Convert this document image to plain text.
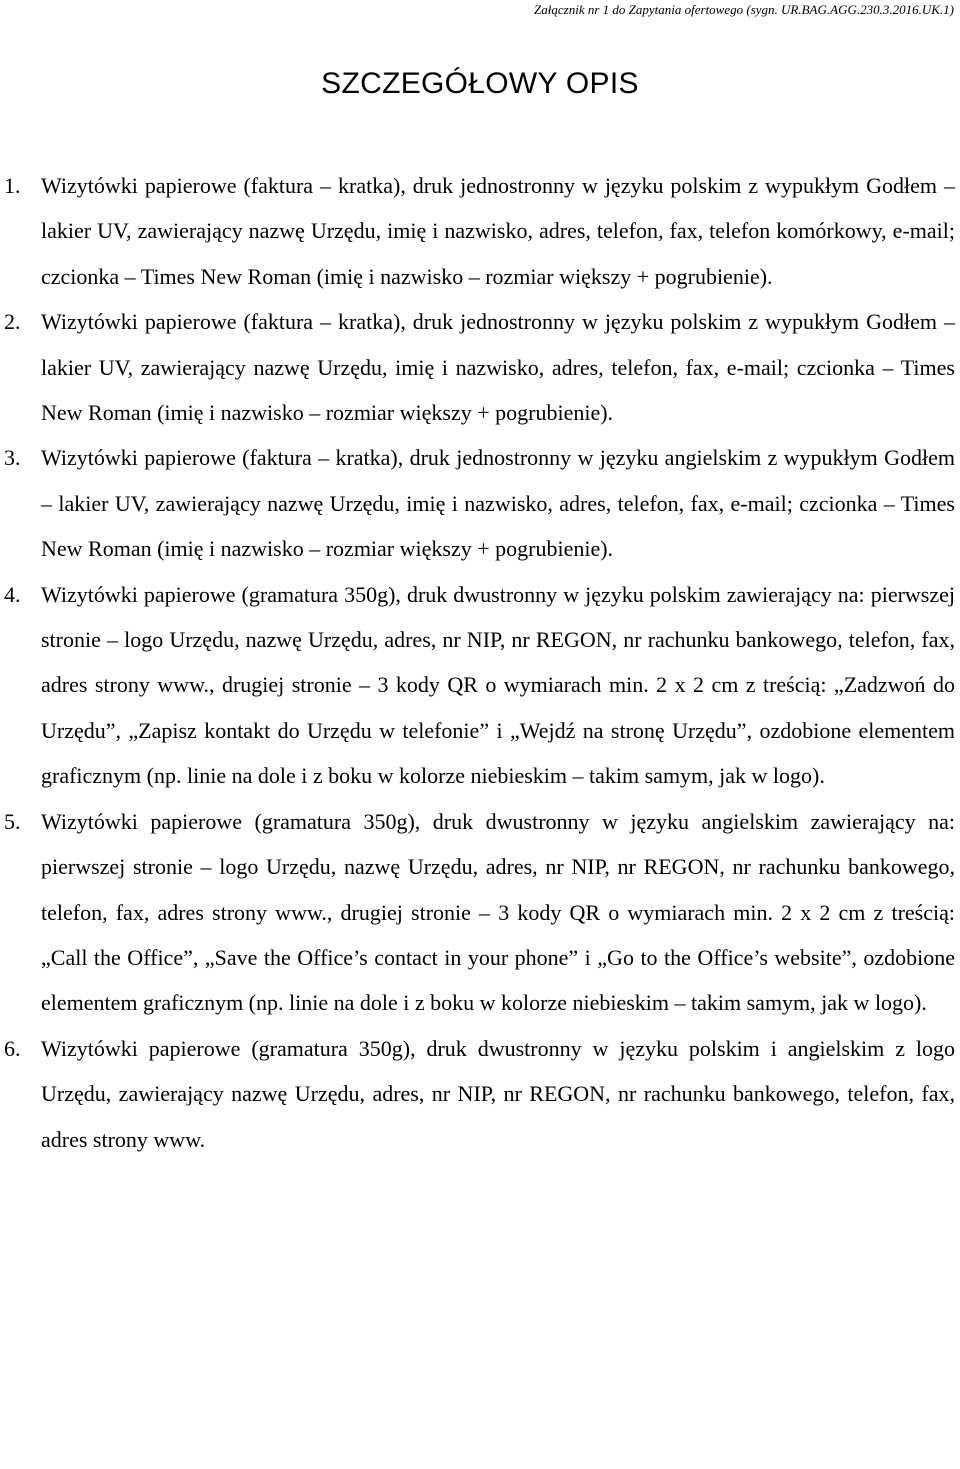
Załącznik nr 1 do Zapytania ofertowego (sygn. UR.BAG.AGG.230.3.2016.UK.1)
SZCZEGÓŁOWY OPIS
1. Wizytówki papierowe (faktura – kratka), druk jednostronny w języku polskim z wypukłym Godłem – lakier UV, zawierający nazwę Urzędu, imię i nazwisko, adres, telefon, fax, telefon komórkowy, e-mail; czcionka – Times New Roman (imię i nazwisko – rozmiar większy + pogrubienie).
2. Wizytówki papierowe (faktura – kratka), druk jednostronny w języku polskim z wypukłym Godłem – lakier UV, zawierający nazwę Urzędu, imię i nazwisko, adres, telefon, fax, e-mail; czcionka – Times New Roman (imię i nazwisko – rozmiar większy + pogrubienie).
3. Wizytówki papierowe (faktura – kratka), druk jednostronny w języku angielskim z wypukłym Godłem – lakier UV, zawierający nazwę Urzędu, imię i nazwisko, adres, telefon, fax, e-mail; czcionka – Times New Roman (imię i nazwisko – rozmiar większy + pogrubienie).
4. Wizytówki papierowe (gramatura 350g), druk dwustronny w języku polskim zawierający na: pierwszej stronie – logo Urzędu, nazwę Urzędu, adres, nr NIP, nr REGON, nr rachunku bankowego, telefon, fax, adres strony www., drugiej stronie – 3 kody QR o wymiarach min. 2 x 2 cm z treścią: „Zadzwoń do Urzędu”, „Zapisz kontakt do Urzędu w telefonie” i „Wejdź na stronę Urzędu”, ozdobione elementem graficznym (np. linie na dole i z boku w kolorze niebieskim – takim samym, jak w logo).
5. Wizytówki papierowe (gramatura 350g), druk dwustronny w języku angielskim zawierający na: pierwszej stronie – logo Urzędu, nazwę Urzędu, adres, nr NIP, nr REGON, nr rachunku bankowego, telefon, fax, adres strony www., drugiej stronie – 3 kody QR o wymiarach min. 2 x 2 cm z treścią: „Call the Office”, „Save the Office’s contact in your phone” i „Go to the Office’s website”, ozdobione elementem graficznym (np. linie na dole i z boku w kolorze niebieskim – takim samym, jak w logo).
6. Wizytówki papierowe (gramatura 350g), druk dwustronny w języku polskim i angielskim z logo Urzędu, zawierający nazwę Urzędu, adres, nr NIP, nr REGON, nr rachunku bankowego, telefon, fax, adres strony www.
